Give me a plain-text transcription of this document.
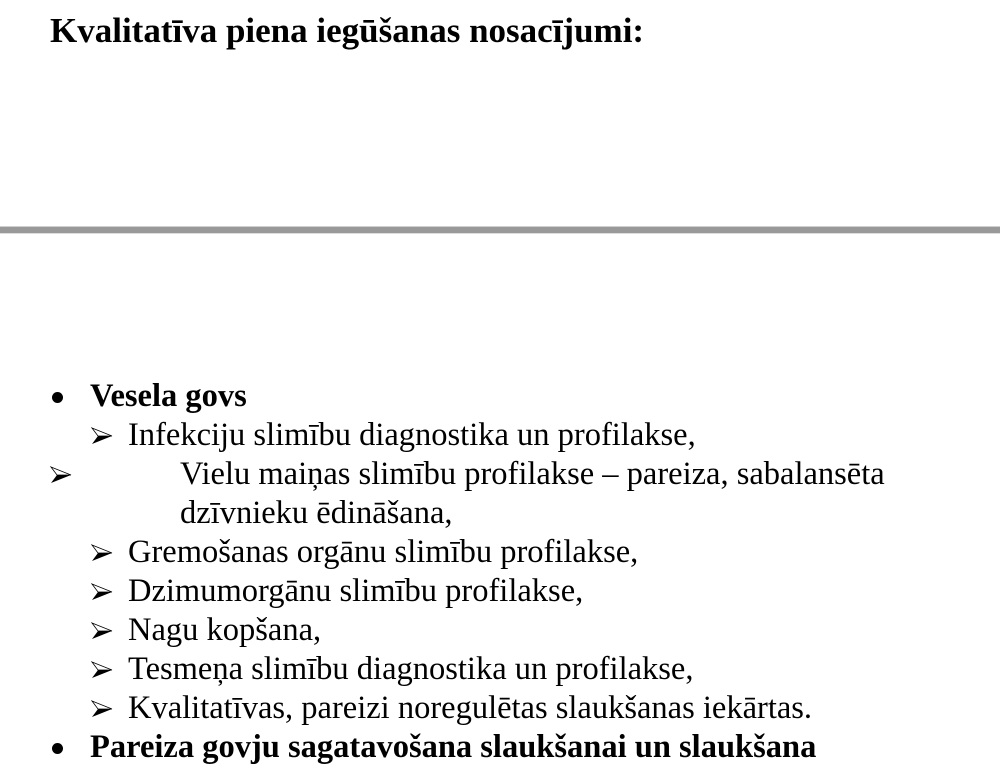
Kvalitatīva piena iegūšanas nosacījumi:
Vesela govs
Infekciju slimību diagnostika un profilakse,
Vielu maiņas slimību profilakse – pareiza, sabalansēta dzīvnieku ēdināšana,
Gremošanas orgānu slimību profilakse,
Dzimumorgānu slimību profilakse,
Nagu kopšana,
Tesmeņa slimību diagnostika un profilakse,
Kvalitatīvas, pareizi noregulētas slaukšanas iekārtas.
Pareiza govju sagatavošana slaukšanai un slaukšana
